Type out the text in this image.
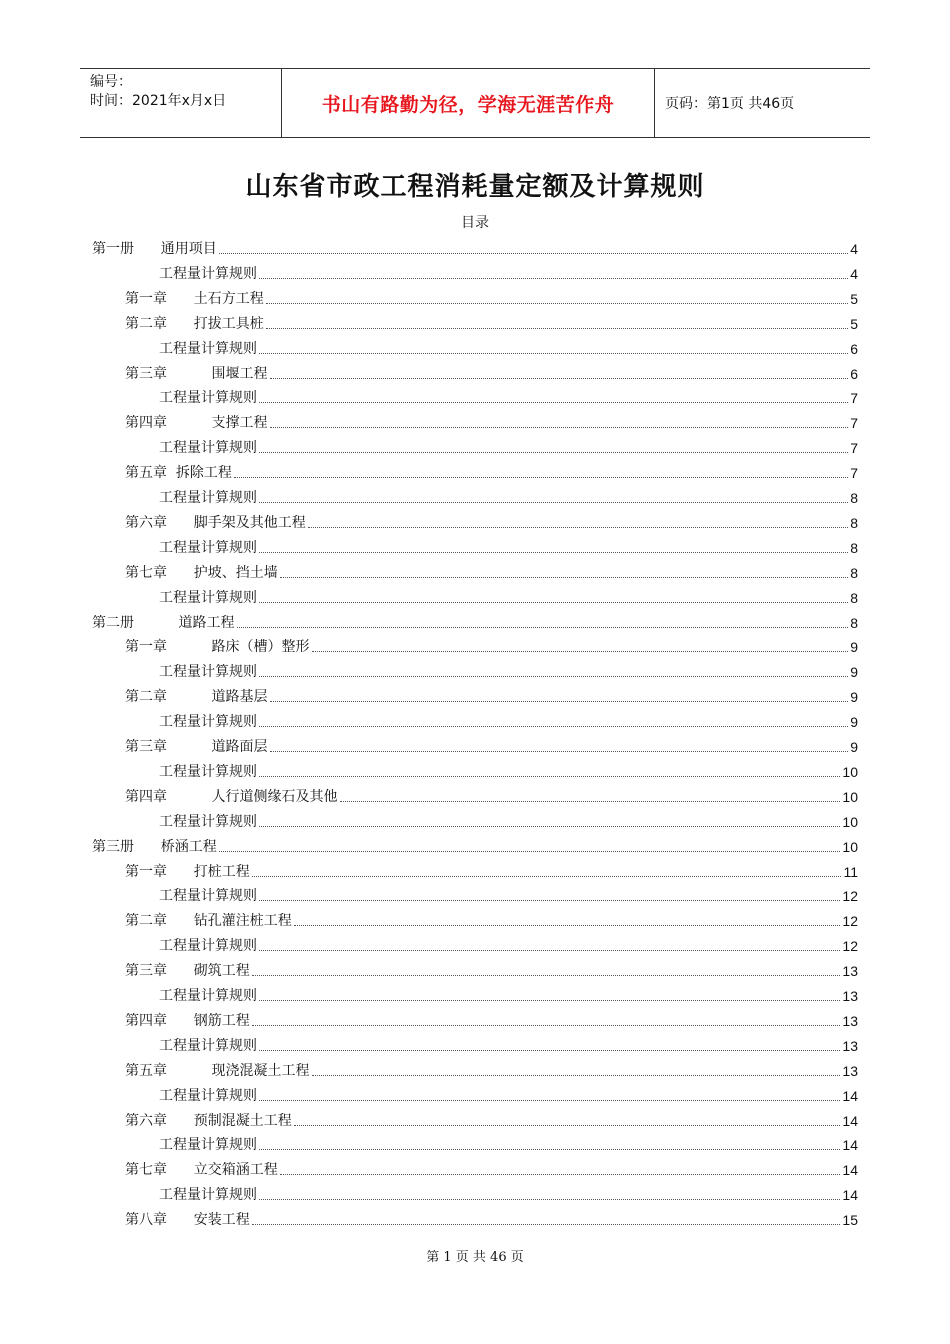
编号：
时间：2021年x月x日	书山有路勤为径，学海无涯苦作舟	页码：第1页 共46页
山东省市政工程消耗量定额及计算规则
目录
第一册      通用项目	4
工程量计算规则	4
第一章      土石方工程	5
第二章      打拔工具桩	5
工程量计算规则	6
第三章          围堰工程	6
工程量计算规则	7
第四章          支撑工程	7
工程量计算规则	7
第五章  拆除工程	7
工程量计算规则	8
第六章      脚手架及其他工程	8
工程量计算规则	8
第七章      护坡、挡土墙	8
工程量计算规则	8
第二册          道路工程	8
第一章          路床（槽）整形	9
工程量计算规则	9
第二章          道路基层	9
工程量计算规则	9
第三章          道路面层	9
工程量计算规则	10
第四章          人行道侧缘石及其他	10
工程量计算规则	10
第三册      桥涵工程	10
第一章      打桩工程	11
工程量计算规则	12
第二章      钻孔灌注桩工程	12
工程量计算规则	12
第三章      砌筑工程	13
工程量计算规则	13
第四章      钢筋工程	13
工程量计算规则	13
第五章          现浇混凝土工程	13
工程量计算规则	14
第六章      预制混凝土工程	14
工程量计算规则	14
第七章      立交箱涵工程	14
工程量计算规则	14
第八章      安装工程	15
第 1 页 共 46 页
